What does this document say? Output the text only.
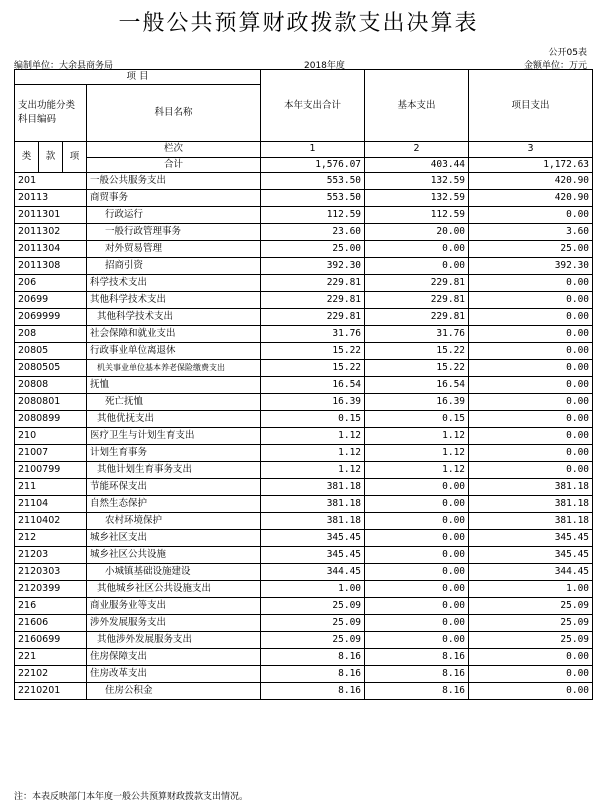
一般公共预算财政拨款支出决算表
公开05表
编制单位：大余县商务局	2018年度	金额单位：万元
项 目				本年支出合计	基本支出	项目支出
支出功能分类科目编码			科目名称			

类	款	项	栏次	1	2	3
			合计	1,576.07	403.44	1,172.63
201			一般公共服务支出	553.50	132.59	420.90
20113			商贸事务	553.50	132.59	420.90
2011301			行政运行	112.59	112.59	0.00
2011302			一般行政管理事务	23.60	20.00	3.60
2011304			对外贸易管理	25.00	0.00	25.00
2011308			招商引资	392.30	0.00	392.30
206			科学技术支出	229.81	229.81	0.00
20699			其他科学技术支出	229.81	229.81	0.00
2069999			其他科学技术支出	229.81	229.81	0.00
208			社会保障和就业支出	31.76	31.76	0.00
20805			行政事业单位离退休	15.22	15.22	0.00
2080505			机关事业单位基本养老保险缴费支出	15.22	15.22	0.00
20808			抚恤	16.54	16.54	0.00
2080801			死亡抚恤	16.39	16.39	0.00
2080899			其他优抚支出	0.15	0.15	0.00
210			医疗卫生与计划生育支出	1.12	1.12	0.00
21007			计划生育事务	1.12	1.12	0.00
2100799			其他计划生育事务支出	1.12	1.12	0.00
211			节能环保支出	381.18	0.00	381.18
21104			自然生态保护	381.18	0.00	381.18
2110402			农村环境保护	381.18	0.00	381.18
212			城乡社区支出	345.45	0.00	345.45
21203			城乡社区公共设施	345.45	0.00	345.45
2120303			小城镇基础设施建设	344.45	0.00	344.45
2120399			其他城乡社区公共设施支出	1.00	0.00	1.00
216			商业服务业等支出	25.09	0.00	25.09
21606			涉外发展服务支出	25.09	0.00	25.09
2160699			其他涉外发展服务支出	25.09	0.00	25.09
221			住房保障支出	8.16	8.16	0.00
22102			住房改革支出	8.16	8.16	0.00
2210201			住房公积金	8.16	8.16	0.00
注：本表反映部门本年度一般公共预算财政拨款支出情况。
